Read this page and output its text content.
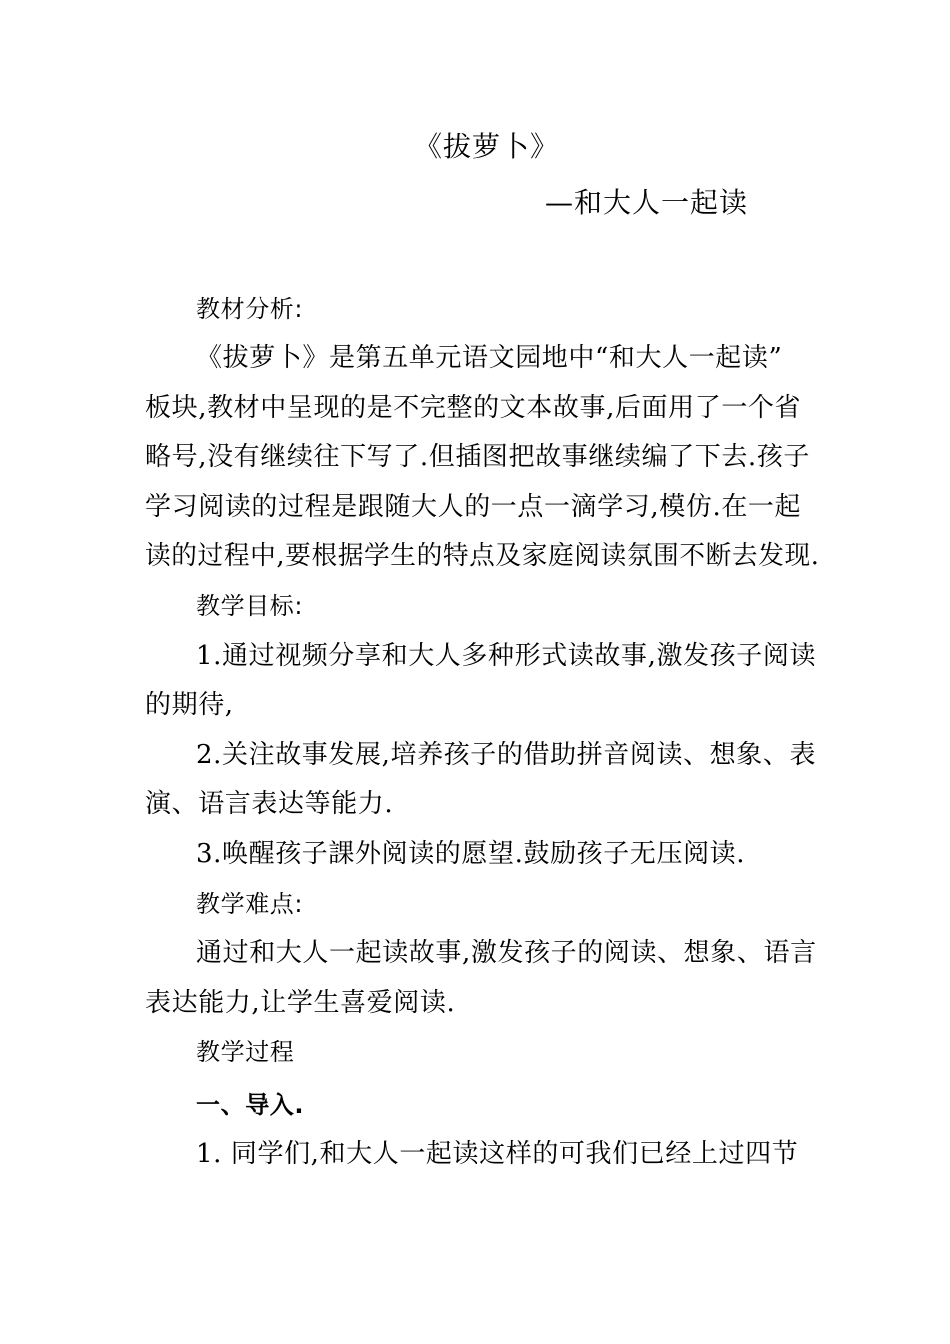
《拔萝卜》
—和大人一起读
教材分析:
《拔萝卜》是第五单元语文园地中“和大人一起读”
板块,教材中呈现的是不完整的文本故事,后面用了一个省
略号,没有继续往下写了.但插图把故事继续编了下去.孩子
学习阅读的过程是跟随大人的一点一滴学习,模仿.在一起
读的过程中,要根据学生的特点及家庭阅读氛围不断去发现.
教学目标:
1.通过视频分享和大人多种形式读故事,激发孩子阅读
的期待,
2.关注故事发展,培养孩子的借助拼音阅读、想象、表
演、语言表达等能力.
3.唤醒孩子課外阅读的愿望.鼓励孩子无压阅读.
教学难点:
通过和大人一起读故事,激发孩子的阅读、想象、语言
表达能力,让学生喜爱阅读.
教学过程
一、导入.
1. 同学们,和大人一起读这样的可我们已经上过四节
